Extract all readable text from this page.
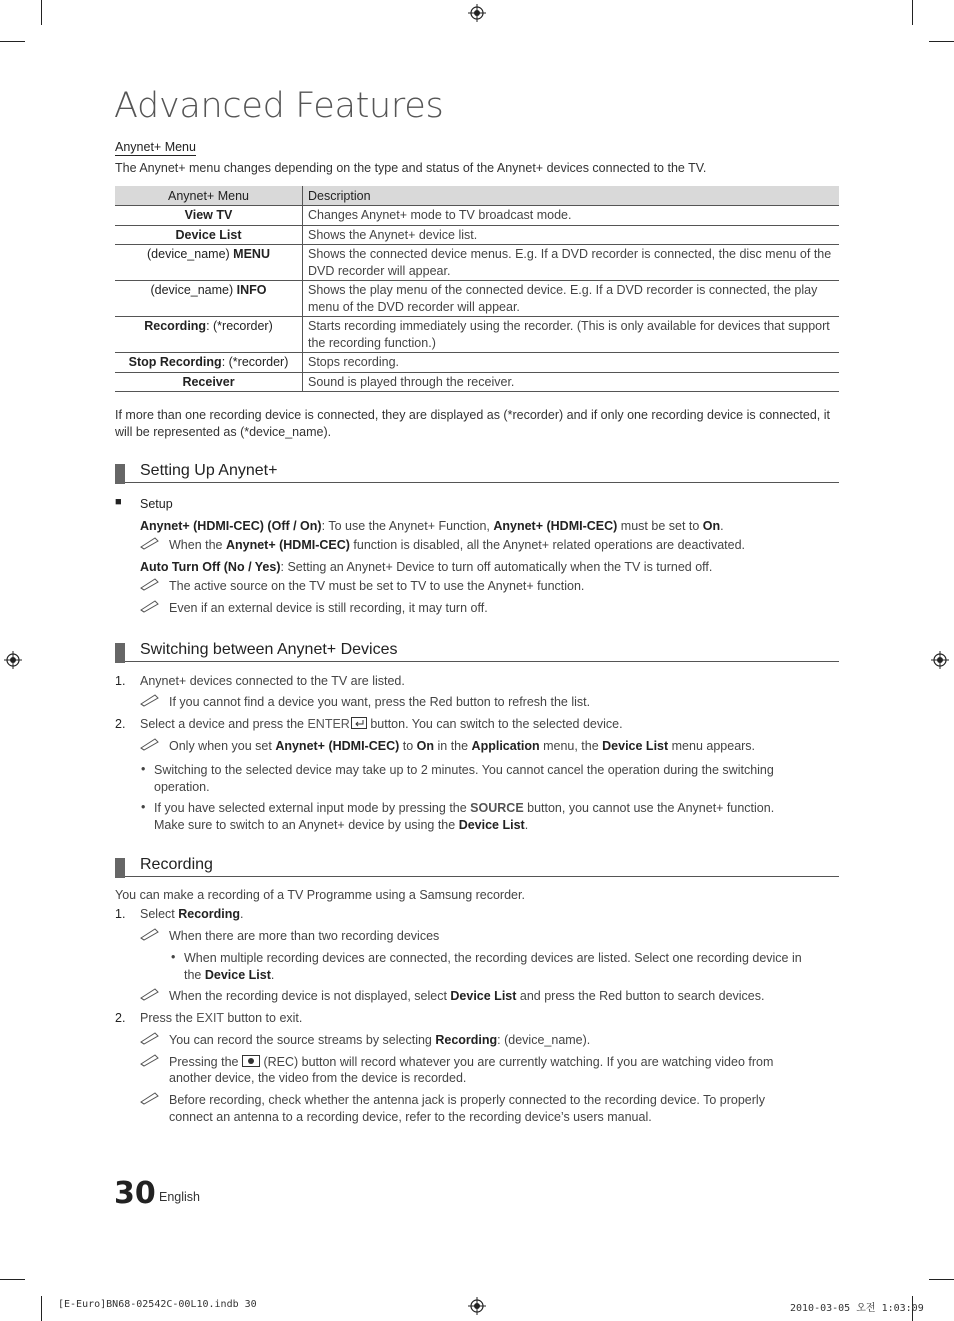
Advanced Features
Anynet+ Menu
The Anynet+ menu changes depending on the type and status of the Anynet+ devices connected to the TV.
Anynet+ Menu	Description
View TV	Changes Anynet+ mode to TV broadcast mode.
Device List	Shows the Anynet+ device list.
(device_name) MENU	Shows the connected device menus. E.g. If a DVD recorder is connected, the disc menu of the DVD recorder will appear.
(device_name) INFO	Shows the play menu of the connected device. E.g. If a DVD recorder is connected, the play menu of the DVD recorder will appear.
Recording: (*recorder)	Starts recording immediately using the recorder. (This is only available for devices that support the recording function.)
Stop Recording: (*recorder)	Stops recording.
Receiver	Sound is played through the receiver.
If more than one recording device is connected, they are displayed as (*recorder) and if only one recording device is connected, it will be represented as (*device_name).
Setting Up Anynet+
■ Setup
Anynet+ (HDMI-CEC) (Off / On): To use the Anynet+ Function, Anynet+ (HDMI-CEC) must be set to On.
When the Anynet+ (HDMI-CEC) function is disabled, all the Anynet+ related operations are deactivated.
Auto Turn Off (No / Yes): Setting an Anynet+ Device to turn off automatically when the TV is turned off.
The active source on the TV must be set to TV to use the Anynet+ function.
Even if an external device is still recording, it may turn off.
Switching between Anynet+ Devices
1. Anynet+ devices connected to the TV are listed.
If you cannot find a device you want, press the Red button to refresh the list.
2. Select a device and press the ENTER button. You can switch to the selected device.
Only when you set Anynet+ (HDMI-CEC) to On in the Application menu, the Device List menu appears.
• Switching to the selected device may take up to 2 minutes. You cannot cancel the operation during the switching
operation.
• If you have selected external input mode by pressing the SOURCE button, you cannot use the Anynet+ function.
Make sure to switch to an Anynet+ device by using the Device List.
Recording
You can make a recording of a TV Programme using a Samsung recorder.
1. Select Recording.
When there are more than two recording devices
• When multiple recording devices are connected, the recording devices are listed. Select one recording device in
the Device List.
When the recording device is not displayed, select Device List and press the Red button to search devices.
2. Press the EXIT button to exit.
You can record the source streams by selecting Recording: (device_name).
Pressing the  (REC) button will record whatever you are currently watching. If you are watching video from
another device, the video from the device is recorded.
Before recording, check whether the antenna jack is properly connected to the recording device. To properly
connect an antenna to a recording device, refer to the recording device’s users manual.
30 English
[E-Euro]BN68-02542C-00L10.indb 30	2010-03-05 오전 1:03:09
